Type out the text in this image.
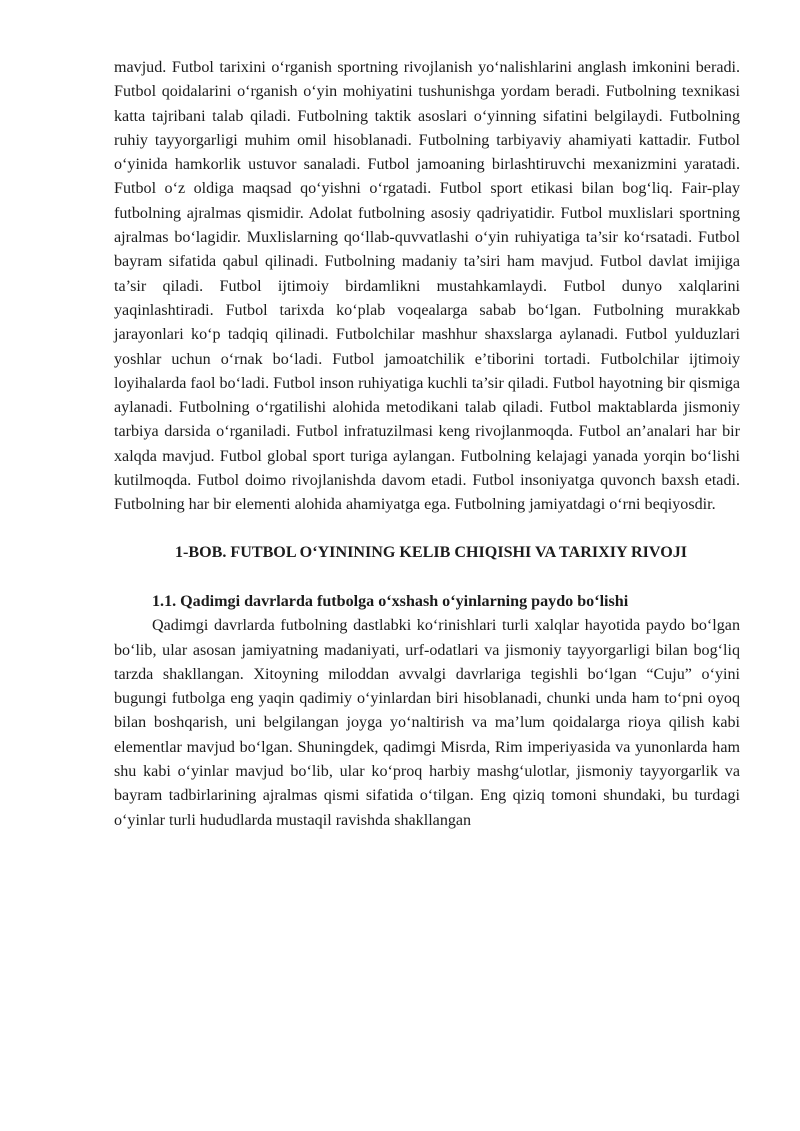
mavjud. Futbol tarixini o‘rganish sportning rivojlanish yo‘nalishlarini anglash imkonini beradi. Futbol qoidalarini o‘rganish o‘yin mohiyatini tushunishga yordam beradi. Futbolning texnikasi katta tajribani talab qiladi. Futbolning taktik asoslari o‘yinning sifatini belgilaydi. Futbolning ruhiy tayyorgarligi muhim omil hisoblanadi. Futbolning tarbiyaviy ahamiyati kattadir. Futbol o‘yinida hamkorlik ustuvor sanaladi. Futbol jamoaning birlashtiruvchi mexanizmini yaratadi. Futbol o‘z oldiga maqsad qo‘yishni o‘rgatadi. Futbol sport etikasi bilan bog‘liq. Fair-play futbolning ajralmas qismidir. Adolat futbolning asosiy qadriyatidir. Futbol muxlislari sportning ajralmas bo‘lagidir. Muxlislarning qo‘llab-quvvatlashi o‘yin ruhiyatiga ta’sir ko‘rsatadi. Futbol bayram sifatida qabul qilinadi. Futbolning madaniy ta’siri ham mavjud. Futbol davlat imijiga ta’sir qiladi. Futbol ijtimoiy birdamlikni mustahkamlaydi. Futbol dunyo xalqlarini yaqinlashtiradi. Futbol tarixda ko‘plab voqealarga sabab bo‘lgan. Futbolning murakkab jarayonlari ko‘p tadqiq qilinadi. Futbolchilar mashhur shaxslarga aylanadi. Futbol yulduzlari yoshlar uchun o‘rnak bo‘ladi. Futbol jamoatchilik e’tiborini tortadi. Futbolchilar ijtimoiy loyihalarda faol bo‘ladi. Futbol inson ruhiyatiga kuchli ta’sir qiladi. Futbol hayotning bir qismiga aylanadi. Futbolning o‘rgatilishi alohida metodikani talab qiladi. Futbol maktablarda jismoniy tarbiya darsida o‘rganiladi. Futbol infratuzilmasi keng rivojlanmoqda. Futbol an’analari har bir xalqda mavjud. Futbol global sport turiga aylangan. Futbolning kelajagi yanada yorqin bo‘lishi kutilmoqda. Futbol doimo rivojlanishda davom etadi. Futbol insoniyatga quvonch baxsh etadi. Futbolning har bir elementi alohida ahamiyatga ega. Futbolning jamiyatdagi o‘rni beqiyosdir.

1-BOB. FUTBOL O‘YININING KELIB CHIQISHI VA TARIXIY RIVOJI
1.1. Qadimgi davrlarda futbolga o‘xshash o‘yinlarning paydo bo‘lishi

Qadimgi davrlarda futbolning dastlabki ko‘rinishlari turli xalqlar hayotida paydo bo‘lgan bo‘lib, ular asosan jamiyatning madaniyati, urf-odatlari va jismoniy tayyorgarligi bilan bog‘liq tarzda shakllangan. Xitoyning miloddan avvalgi davrlariga tegishli bo‘lgan “Cuju” o‘yini bugungi futbolga eng yaqin qadimiy o‘yinlardan biri hisoblanadi, chunki unda ham to‘pni oyoq bilan boshqarish, uni belgilangan joyga yo‘naltirish va ma’lum qoidalarga rioya qilish kabi elementlar mavjud bo‘lgan. Shuningdek, qadimgi Misrda, Rim imperiyasida va yunonlarda ham shu kabi o‘yinlar mavjud bo‘lib, ular ko‘proq harbiy mashg‘ulotlar, jismoniy tayyorgarlik va bayram tadbirlarining ajralmas qismi sifatida o‘tilgan. Eng qiziq tomoni shundaki, bu turdagi o‘yinlar turli hududlarda mustaqil ravishda shakllangan
